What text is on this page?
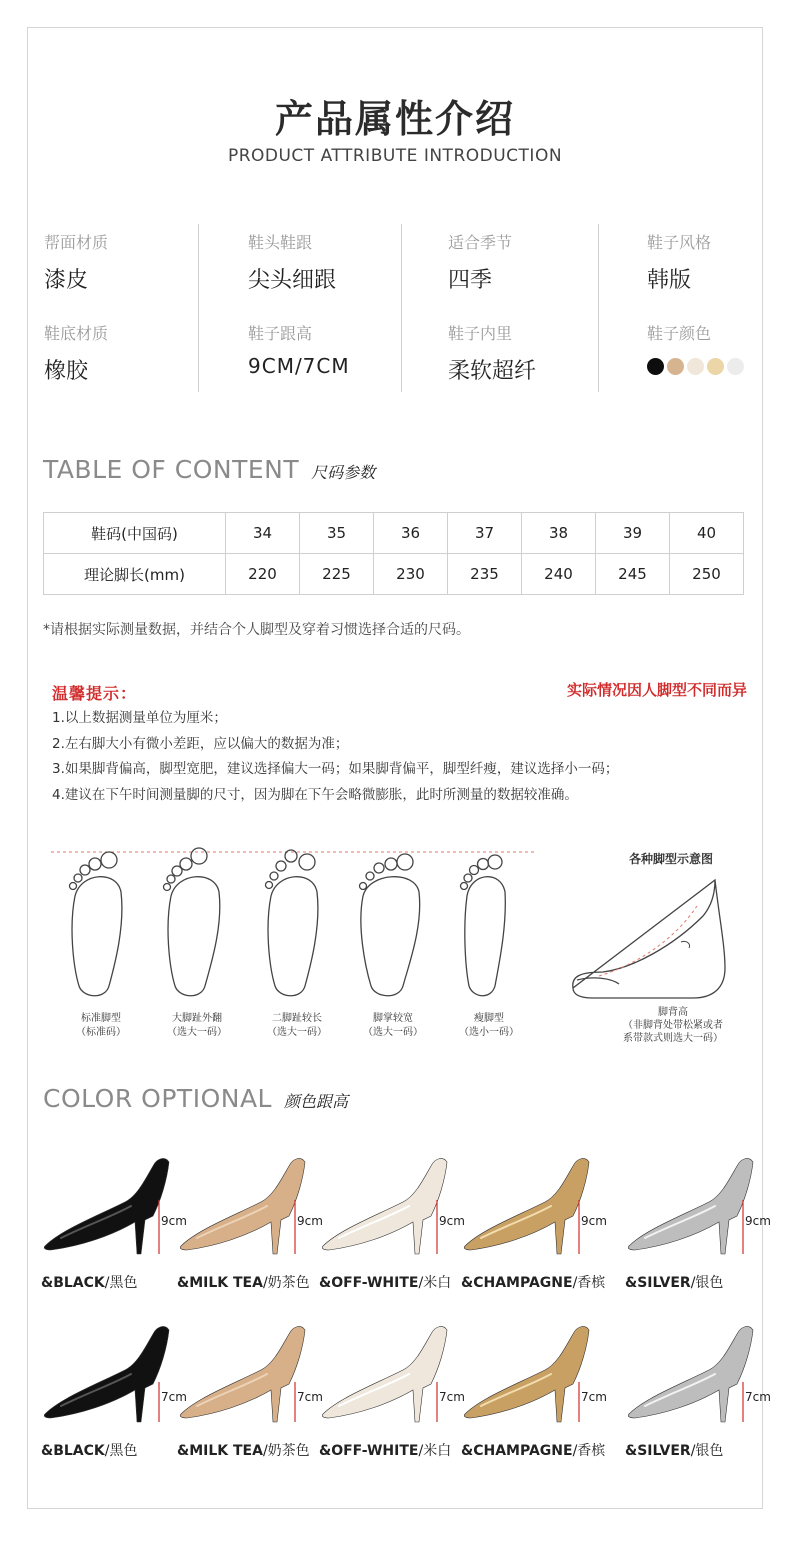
产品属性介绍
PRODUCT ATTRIBUTE INTRODUCTION
帮面材质
漆皮
鞋头鞋跟
尖头细跟
适合季节
四季
鞋子风格
韩版
鞋底材质
橡胶
鞋子跟高
9CM/7CM
鞋子内里
柔软超纤
鞋子颜色
TABLE OF CONTENT 尺码参数
鞋码(中国码)	34	35	36	37	38	39	40
理论脚长(mm)	220	225	230	235	240	245	250
*请根据实际测量数据，并结合个人脚型及穿着习惯选择合适的尺码。
温馨提示：	实际情况因人脚型不同而异
1.以上数据测量单位为厘米；
2.左右脚大小有微小差距，应以偏大的数据为准；
3.如果脚背偏高，脚型宽肥，建议选择偏大一码；如果脚背偏平，脚型纤瘦，建议选择小一码；
4.建议在下午时间测量脚的尺寸，因为脚在下午会略微膨胀，此时所测量的数据较准确。
标准脚型
（标准码）
大脚趾外翻
（选大一码）
二脚趾较长
（选大一码）
脚掌较宽
（选大一码）
瘦脚型
（选小一码）
各种脚型示意图
脚背高
（非脚背处带松紧或者
系带款式则选大一码）
COLOR OPTIONAL 颜色跟高
9cm
&BLACK/黑色
9cm
&MILK TEA/奶茶色
9cm
&OFF-WHITE/米白
9cm
&CHAMPAGNE/香槟
9cm
&SILVER/银色
7cm
&BLACK/黑色
7cm
&MILK TEA/奶茶色
7cm
&OFF-WHITE/米白
7cm
&CHAMPAGNE/香槟
7cm
&SILVER/银色
